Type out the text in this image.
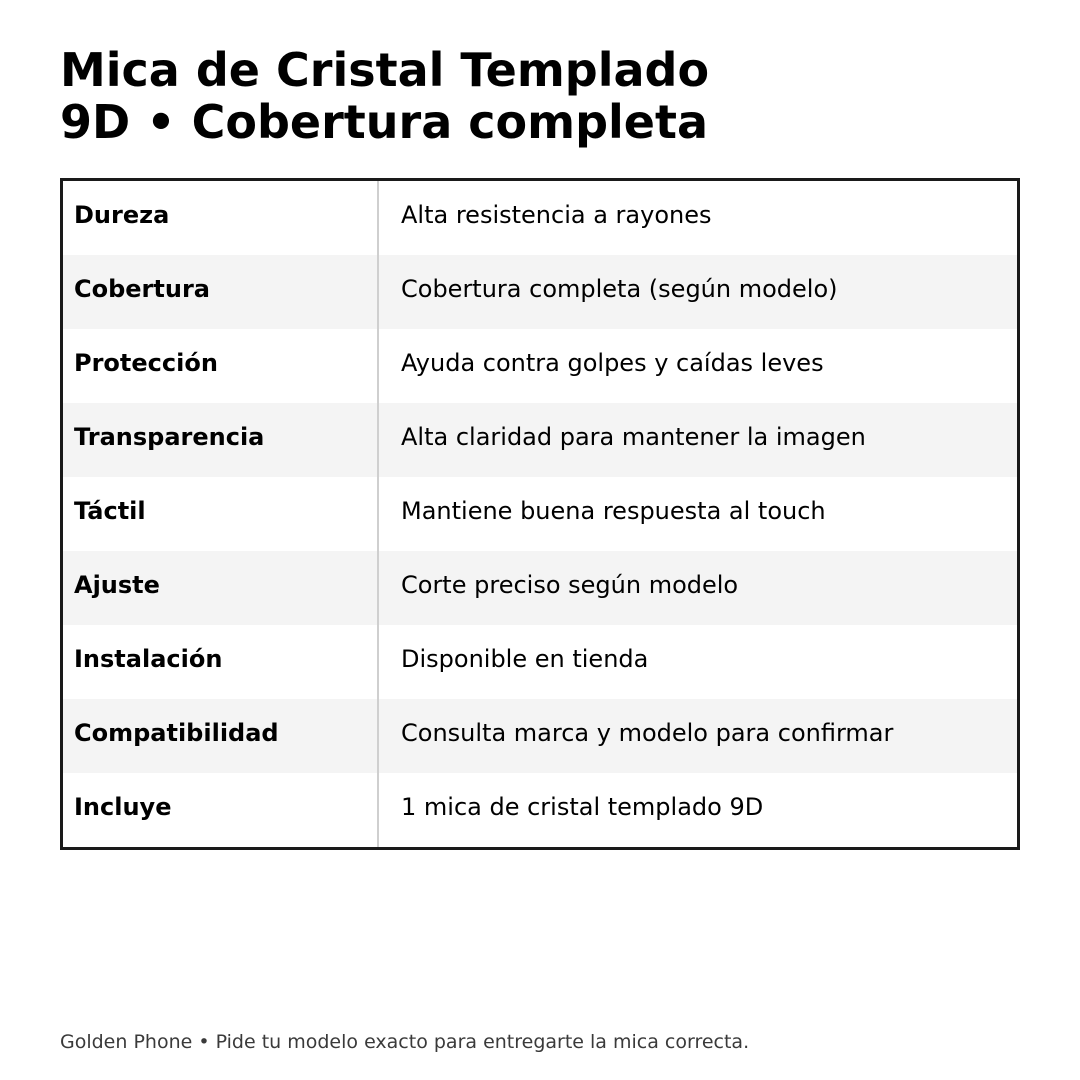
Mica de Cristal Templado
9D • Cobertura completa
Dureza	Alta resistencia a rayones
Cobertura	Cobertura completa (según modelo)
Protección	Ayuda contra golpes y caídas leves
Transparencia	Alta claridad para mantener la imagen
Táctil	Mantiene buena respuesta al touch
Ajuste	Corte preciso según modelo
Instalación	Disponible en tienda
Compatibilidad	Consulta marca y modelo para confirmar
Incluye	1 mica de cristal templado 9D
Golden Phone • Pide tu modelo exacto para entregarte la mica correcta.
